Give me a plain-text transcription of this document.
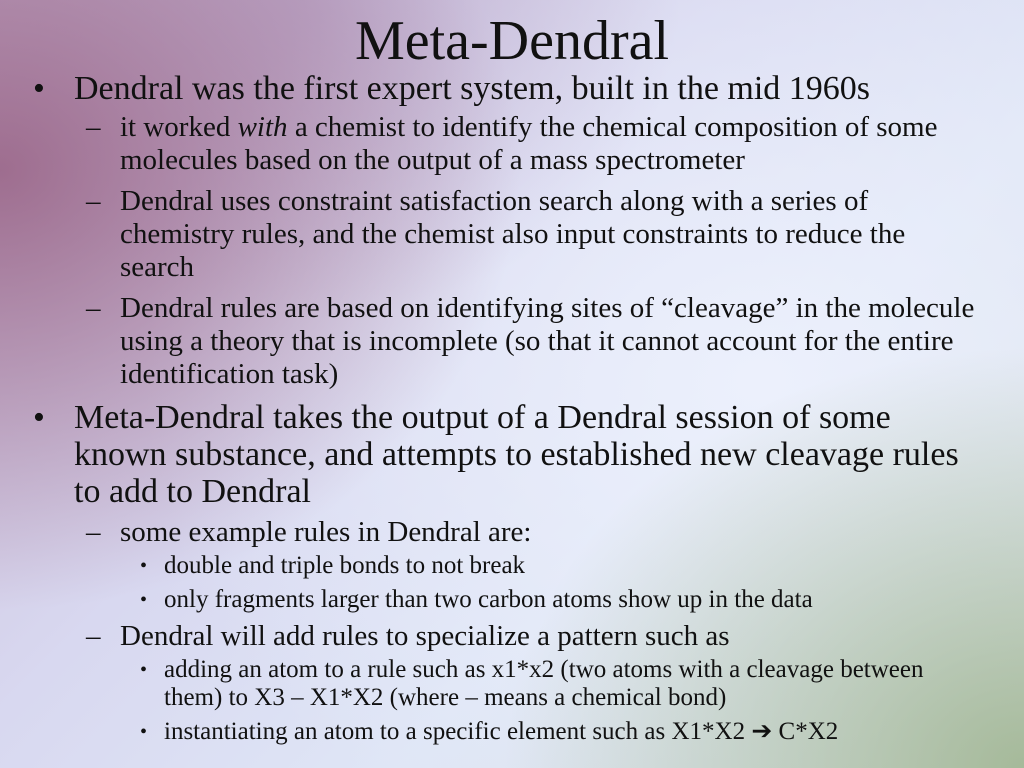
Meta-Dendral
• Dendral was the first expert system, built in the mid 1960s
– it worked with a chemist to identify the chemical composition of some molecules based on the output of a mass spectrometer
– Dendral uses constraint satisfaction search along with a series of chemistry rules, and the chemist also input constraints to reduce the search
– Dendral rules are based on identifying sites of “cleavage” in the molecule using a theory that is incomplete (so that it cannot account for the entire identification task)
• Meta-Dendral takes the output of a Dendral session of some known substance, and attempts to established new cleavage rules to add to Dendral
– some example rules in Dendral are:
• double and triple bonds to not break
• only fragments larger than two carbon atoms show up in the data
– Dendral will add rules to specialize a pattern such as
• adding an atom to a rule such as x1*x2 (two atoms with a cleavage between them) to X3 – X1*X2 (where – means a chemical bond)
• instantiating an atom to a specific element such as X1*X2 ➔ C*X2
